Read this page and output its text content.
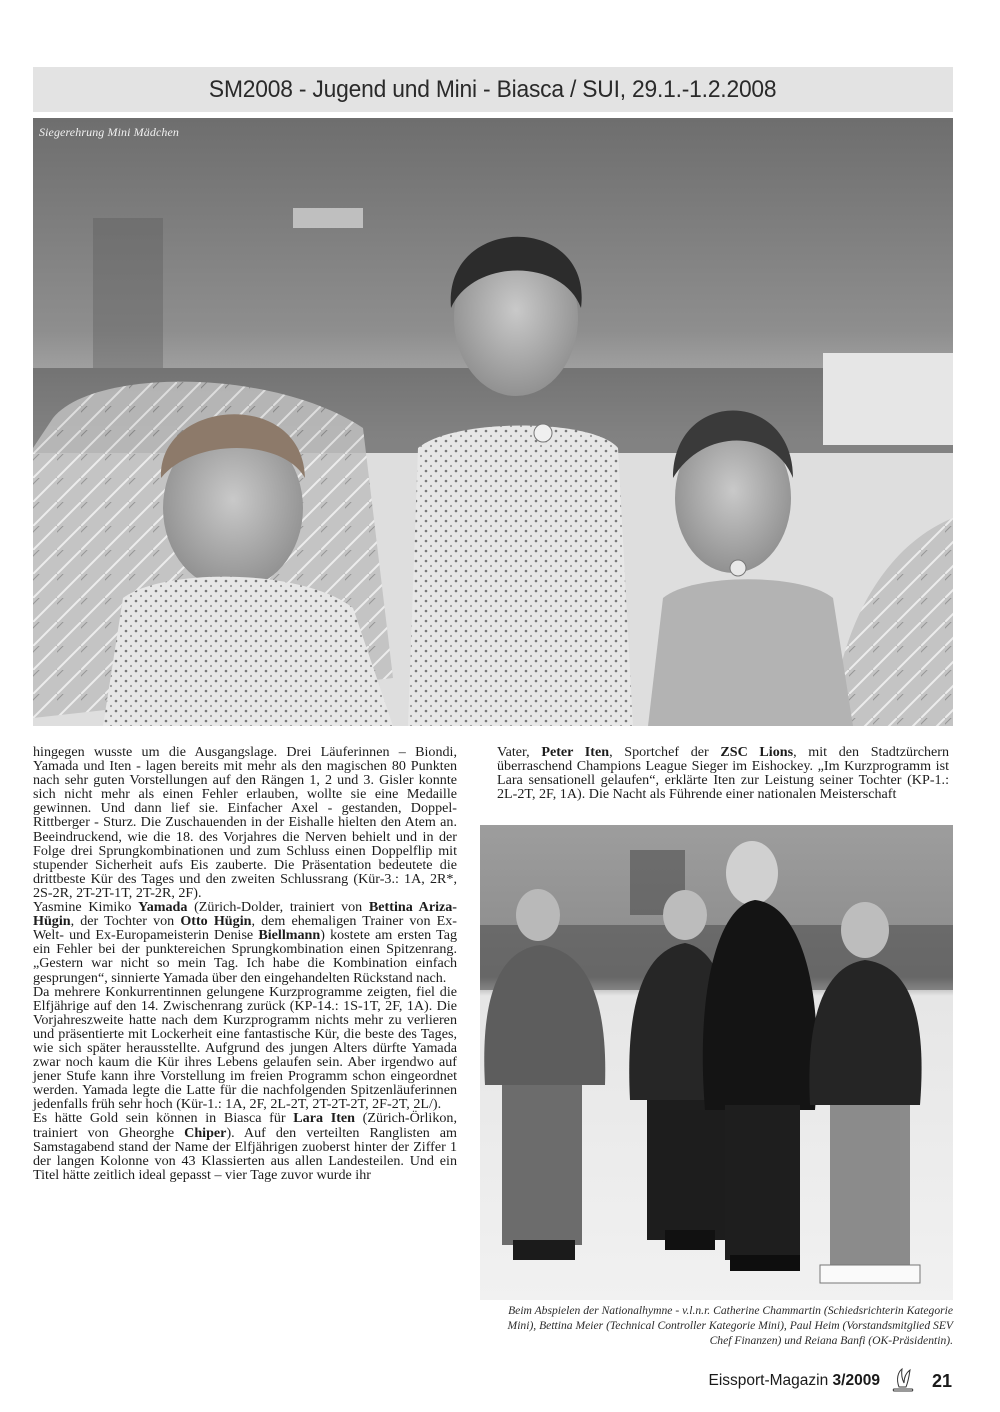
SM2008 - Jugend und Mini - Biasca / SUI, 29.1.-1.2.2008
Siegerehrung Mini Mädchen

hingegen wusste um die Ausgangslage. Drei Läuferinnen – Biondi, Yamada und Iten - lagen bereits mit mehr als den magischen 80 Punkten nach sehr guten Vorstellungen auf den Rängen 1, 2 und 3. Gisler konnte sich nicht mehr als einen Fehler erlauben, wollte sie eine Medaille gewinnen. Und dann lief sie. Einfacher Axel - gestanden, Doppel-Rittberger - Sturz. Die Zuschauenden in der Eishalle hielten den Atem an. Beeindruckend, wie die 18. des Vorjahres die Nerven behielt und in der Folge drei Sprungkombinationen und zum Schluss einen Doppelflip mit stupender Sicherheit aufs Eis zauberte. Die Präsentation bedeutete die drittbeste Kür des Tages und den zweiten Schlussrang (Kür-3.: 1A, 2R*, 2S-2R, 2T-2T-1T, 2T-2R, 2F).

Yasmine Kimiko Yamada (Zürich-Dolder, trainiert von Bettina Ariza-Hügin, der Tochter von Otto Hügin, dem ehemaligen Trainer von Ex-Welt- und Ex-Europameisterin Denise Biellmann) kostete am ersten Tag ein Fehler bei der punktereichen Sprungkombination einen Spitzenrang. „Gestern war nicht so mein Tag. Ich habe die Kombination einfach gesprungen“, sinnierte Yamada über den eingehandelten Rückstand nach.

Da mehrere Konkurrentinnen gelungene Kurzprogramme zeigten, fiel die Elfjährige auf den 14. Zwischenrang zurück (KP-14.: 1S-1T, 2F, 1A). Die Vorjahreszweite hatte nach dem Kurzprogramm nichts mehr zu verlieren und präsentierte mit Lockerheit eine fantastische Kür, die beste des Tages, wie sich später herausstellte. Aufgrund des jungen Alters dürfte Yamada zwar noch kaum die Kür ihres Lebens gelaufen sein. Aber irgendwo auf jener Stufe kann ihre Vorstellung im freien Programm schon eingeordnet werden. Yamada legte die Latte für die nachfolgenden Spitzenläuferinnen jedenfalls früh sehr hoch (Kür-1.: 1A, 2F, 2L-2T, 2T-2T-2T, 2F-2T, 2L/).

Es hätte Gold sein können in Biasca für Lara Iten (Zürich-Örlikon, trainiert von Gheorghe Chiper). Auf den verteilten Ranglisten am Samstagabend stand der Name der Elfjährigen zuoberst hinter der Ziffer 1 der langen Kolonne von 43 Klassierten aus allen Landesteilen. Und ein Titel hätte zeitlich ideal gepasst – vier Tage zuvor wurde ihr

Vater, Peter Iten, Sportchef der ZSC Lions, mit den Stadtzürchern überraschend Champions League Sieger im Eishockey. „Im Kurzprogramm ist Lara sensationell gelaufen“, erklärte Iten zur Leistung seiner Tochter (KP-1.: 2L-2T, 2F, 1A). Die Nacht als Führende einer nationalen Meisterschaft

Beim Abspielen der Nationalhymne - v.l.n.r. Catherine Chammartin (Schiedsrichterin Kategorie Mini), Bettina Meier (Technical Controller Kategorie Mini), Paul Heim (Vorstandsmitglied SEV Chef Finanzen) und Reiana Banfi (OK-Präsidentin).
Eissport-Magazin 3/2009	21
